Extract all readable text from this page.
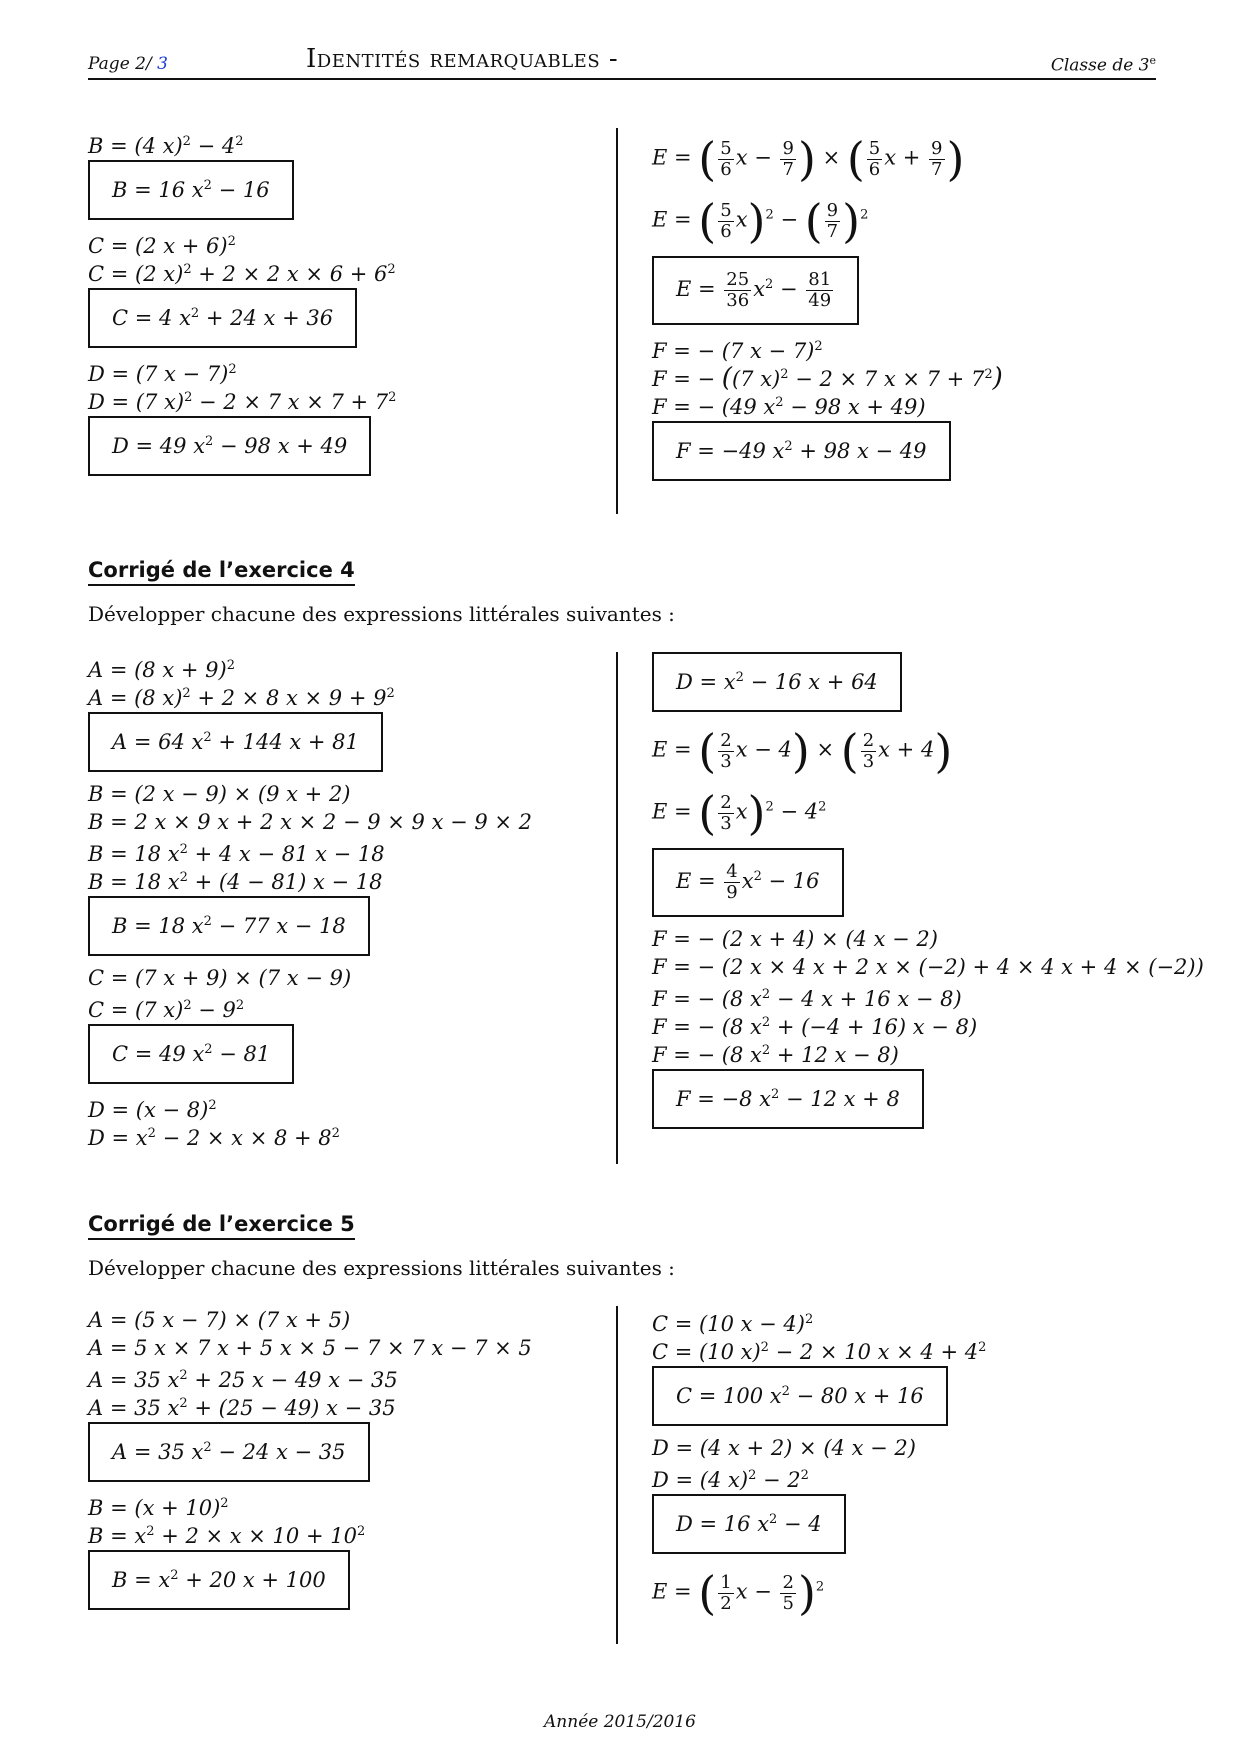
Page 2/ 3	Identités remarquables -	Classe de 3e
B = (4 $x)^2 - 4^2$
B = 16 $x^2 - 16$
C = (2 x + 6)$^2$
C = (2 x)$^2$ + 2 × 2 $x \times 6 + 6^2$
C = 4 $x^2 + 24$ x + 36
D = (7 x − 7)$^2$
D = (7 x)$^2$ − 2 × 7 $x \times 7 + 7^2$
D = 49 $x^2 - 98$ x + 49
E = ( $\frac{5}{6}$ $x - \frac{9}{7}$ ) × ( $\frac{5}{6}$ $x + \frac{9}{7}$ )
E = ( $\frac{5}{6} x)^2$ − ( $\frac{9}{7} )^2$
$E = \frac{25}{36} x^2 - \frac{81}{49}$
F = − (7 x − 7)$^2$
F = − ((7 x)$^2$ − 2 × 7 $x \times 7 + 7^2$)
F = − (49 $x^2 - 98$ x + 49)
F = −49 $x^2 + 98$ x − 49
Corrigé de l’exercice 4
Développer chacune des expressions littérales suivantes :
A = (8 x + 9)$^2$
A = (8 x)$^2$ + 2 × 8 $x \times 9 + 9^2$
A = 64 $x^2 + 144$ x + 81
B = (2 x − 9) × (9 x + 2)
B = 2 x × 9 x + 2 x × 2 − 9 × 9 x − 9 × 2
B = 18 $x^2 + 4$ x − 81 x − 18
B = 18 $x^2 + (4 - 81) x - 18$
B = 18 $x^2 - 77$ x − 18
C = (7 x + 9) × (7 x − 9)
C = (7 $x)^2 - 9^2$
C = 49 $x^2 - 81$
$D = (x - 8)^2$
$D = x^2 - 2 \times x \times 8 + 8^2$
$D = x^2 - 16$ x + 64
E = ( $\frac{2}{3}$ x − 4) × ( $\frac{2}{3}$ x + 4)
E = ( $\frac{2}{3} x)^2 - 4^2$
$E = \frac{4}{9} x^2 - 16$
F = − (2 x + 4) × (4 x − 2)
F = − (2 x × 4 x + 2 x × (−2) + 4 × 4 x + 4 × (−2))
F = − (8 $x^2 - 4$ x + 16 x − 8)
F = − (8 $x^2 + (-4 + 16) x - 8$)
F = − (8 $x^2 + 12$ x − 8)
F = −8 $x^2 - 12$ x + 8
Corrigé de l’exercice 5
Développer chacune des expressions littérales suivantes :
A = (5 x − 7) × (7 x + 5)
A = 5 x × 7 x + 5 x × 5 − 7 × 7 x − 7 × 5
A = 35 $x^2 + 25$ x − 49 x − 35
A = 35 $x^2 + (25 - 49) x - 35$
A = 35 $x^2 - 24$ x − 35
$B = (x + 10)^2$
$B = x^2 + 2 \times x \times 10 + 10^2$
$B = x^2 + 20$ x + 100
C = (10 x − 4)$^2$
C = (10 x)$^2$ − 2 × 10 $x \times 4 + 4^2$
C = 100 $x^2 - 80$ x + 16
D = (4 x + 2) × (4 x − 2)
D = (4 $x)^2 - 2^2$
D = 16 $x^2 - 4$
E = ( $\frac{1}{2}$ $x - \frac{2}{5} )^2$
Année 2015/2016
